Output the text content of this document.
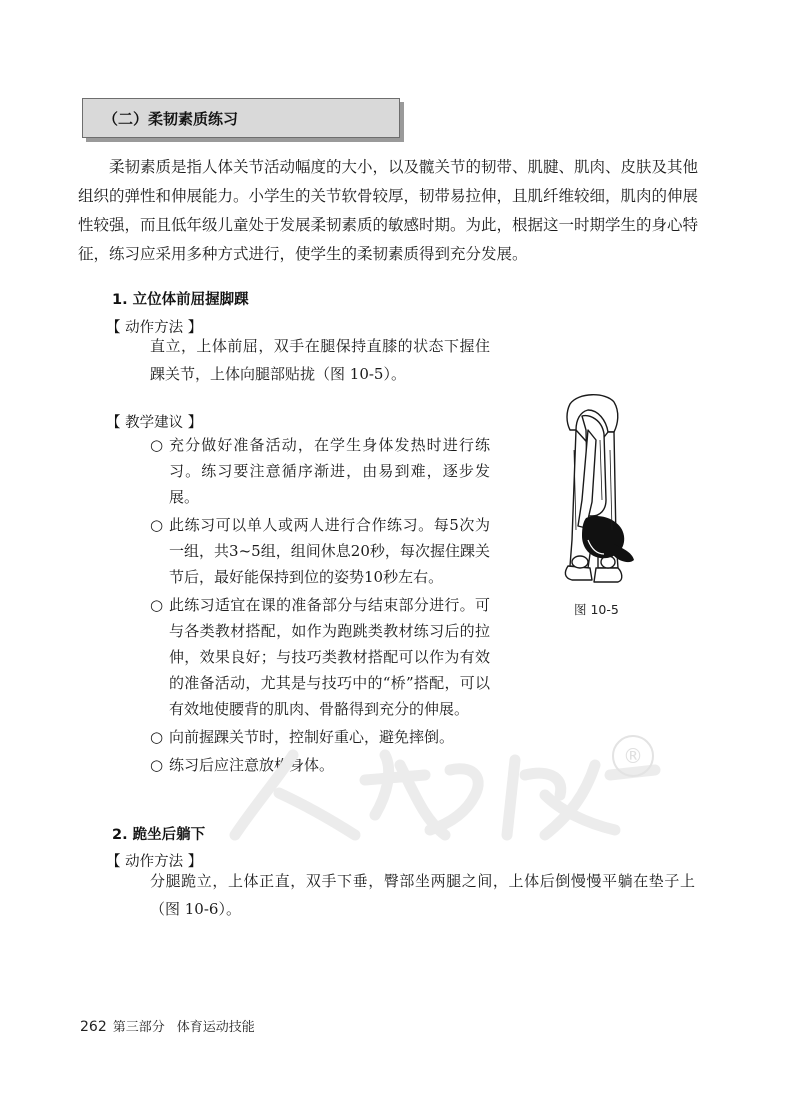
（二）柔韧素质练习

柔韧素质是指人体关节活动幅度的大小，以及髋关节的韧带、肌腱、肌肉、皮肤及其他组织的弹性和伸展能力。小学生的关节软骨较厚，韧带易拉伸，且肌纤维较细，肌肉的伸展性较强，而且低年级儿童处于发展柔韧素质的敏感时期。为此，根据这一时期学生的身心特征，练习应采用多种方式进行，使学生的柔韧素质得到充分发展。

1. 立位体前屈握脚踝
【 动作方法 】

直立，上体前屈，双手在腿保持直膝的状态下握住踝关节，上体向腿部贴拢（图 10-5）。

【 教学建议 】
○ 充分做好准备活动，在学生身体发热时进行练习。练习要注意循序渐进，由易到难，逐步发展。
○ 此练习可以单人或两人进行合作练习。每5次为一组，共3~5组，组间休息20秒，每次握住踝关节后，最好能保持到位的姿势10秒左右。
○ 此练习适宜在课的准备部分与结束部分进行。可与各类教材搭配，如作为跑跳类教材练习后的拉伸，效果良好；与技巧类教材搭配可以作为有效的准备活动，尤其是与技巧中的“桥”搭配，可以有效地使腰背的肌肉、骨骼得到充分的伸展。
○ 向前握踝关节时，控制好重心，避免摔倒。
○ 练习后应注意放松身体。
图 10-5
®
2. 跪坐后躺下
【 动作方法 】

分腿跪立，上体正直，双手下垂，臀部坐两腿之间，上体后倒慢慢平躺在垫子上（图 10-6）。

262 第三部分 体育运动技能
